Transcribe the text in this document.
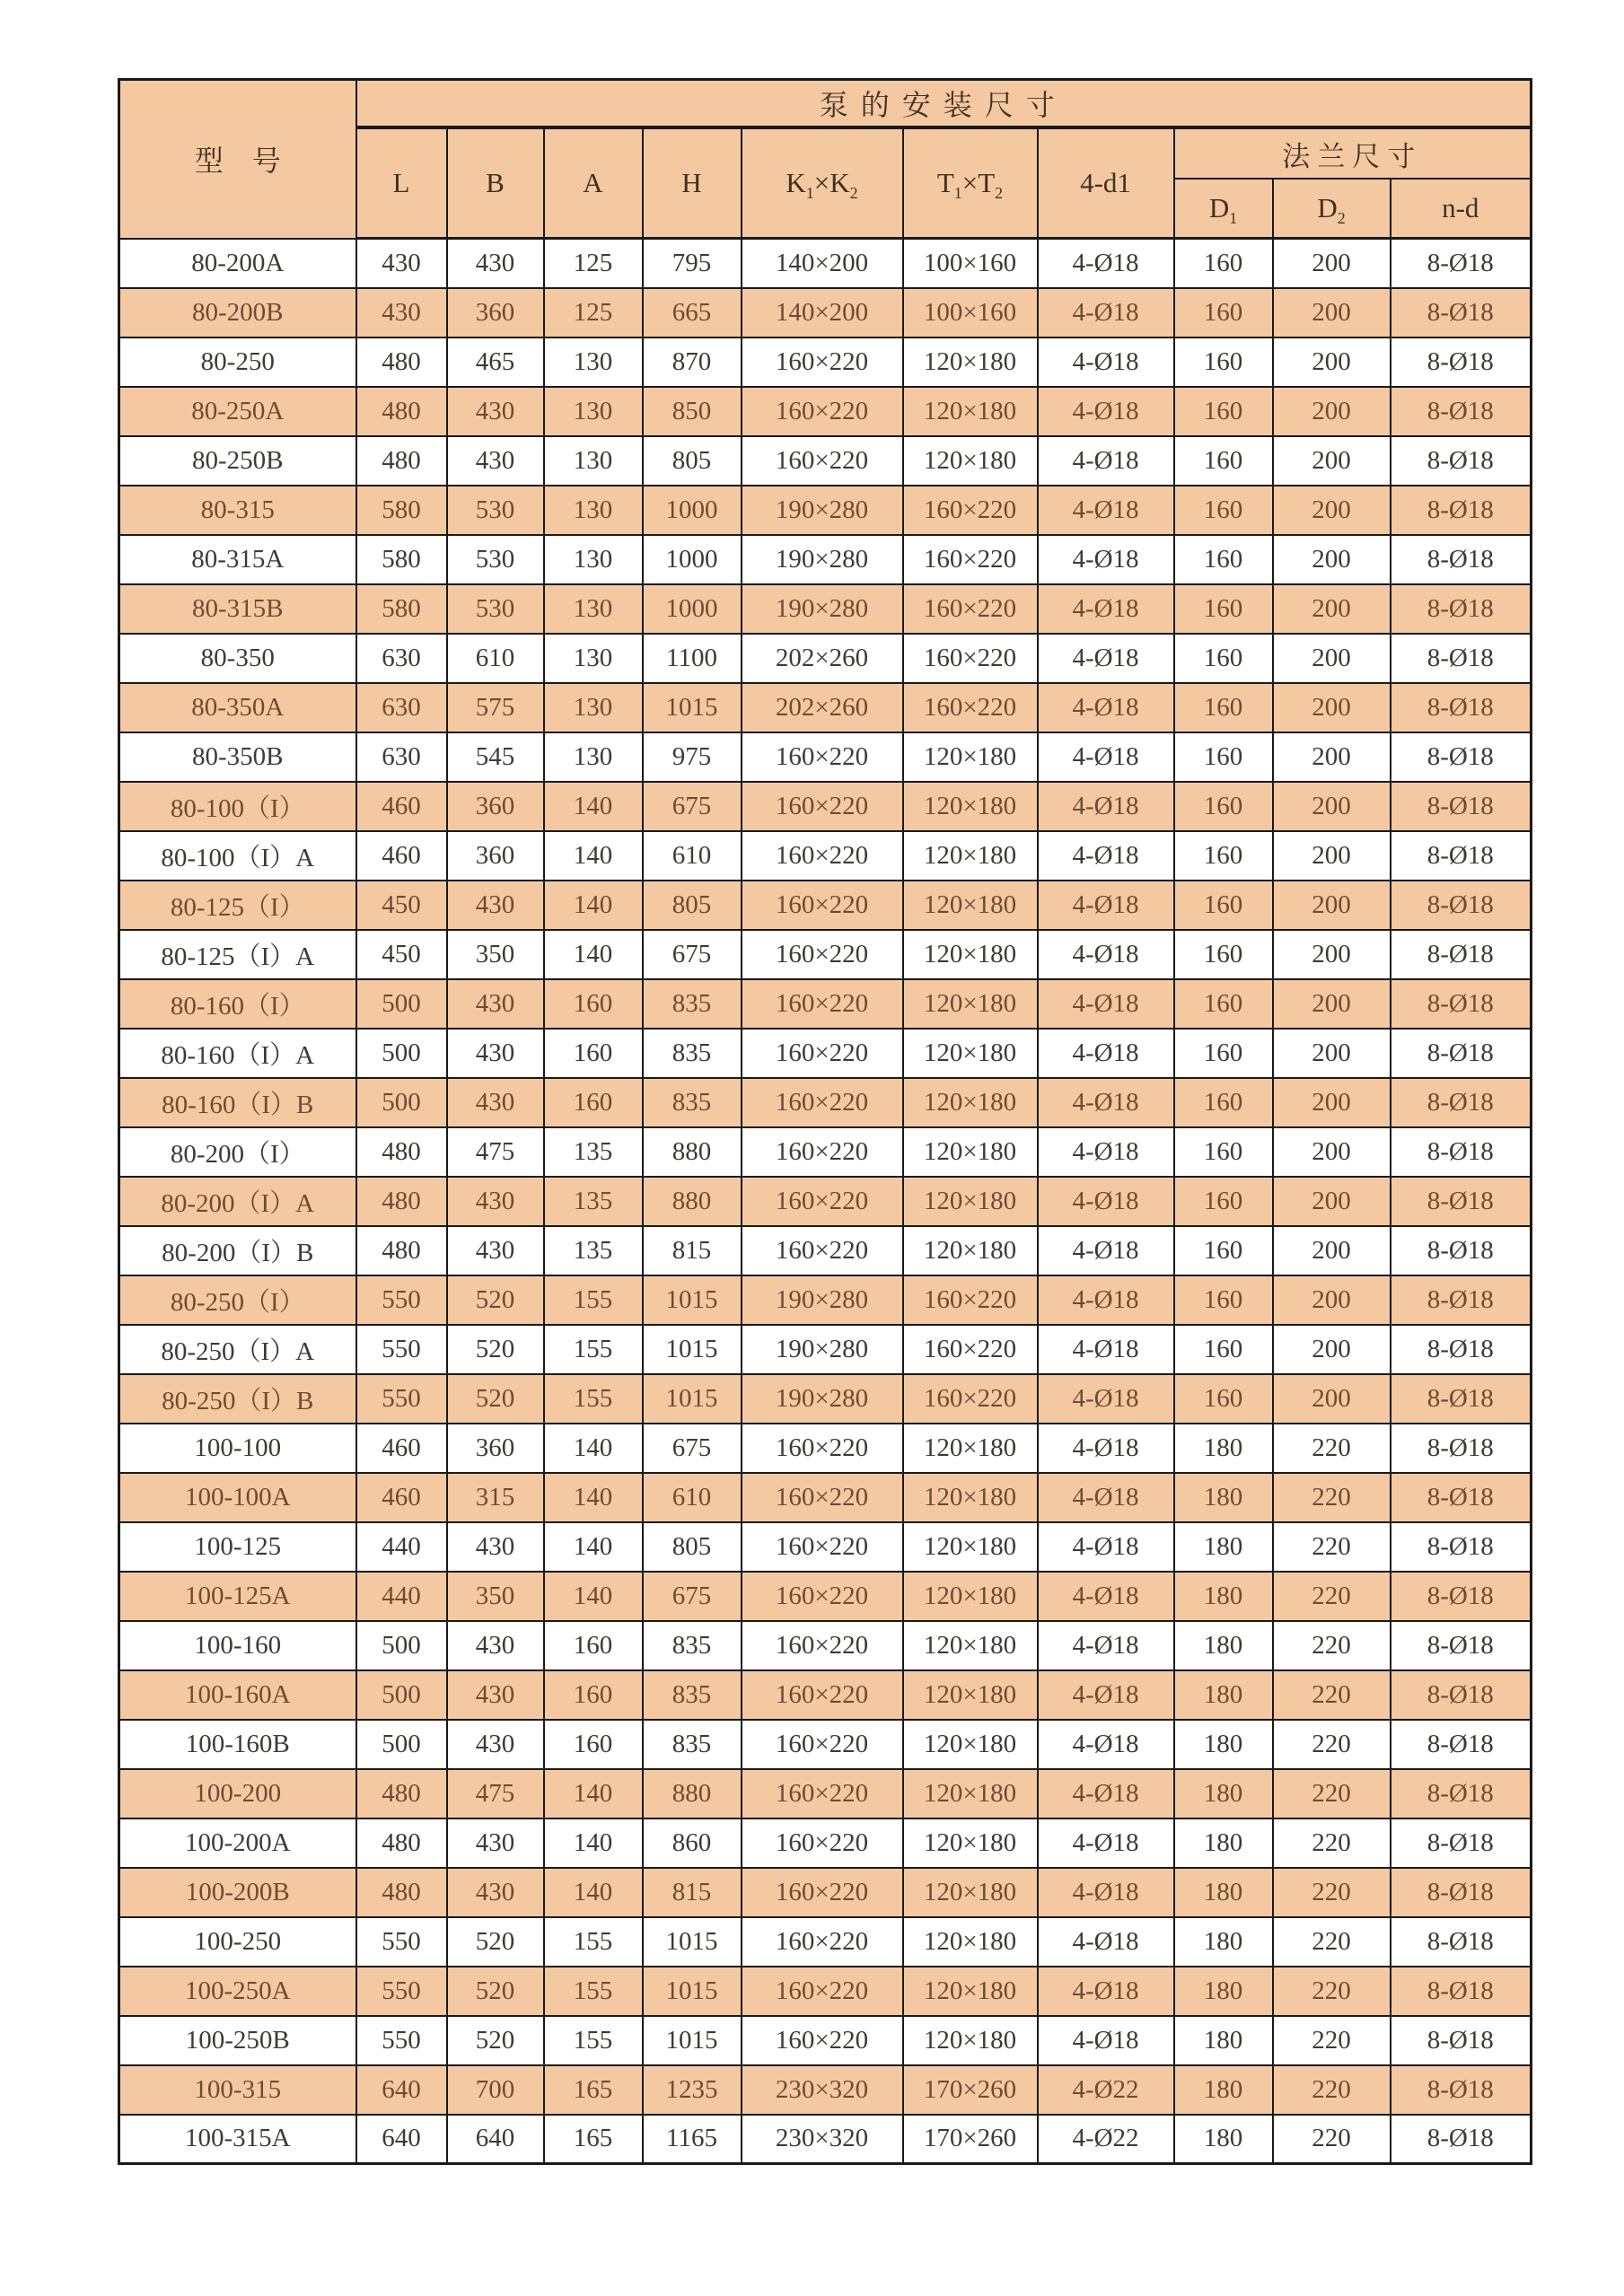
型　号	泵的安装尺寸									
	L	B	A	H	$K_1\times K_2$	$T_1\times T_2$	4-d1	法兰尺寸		
								$D_1$	$D_2$	n-d
80-200A	430	430	125	795	140×200	100×160	4-Ø18	160	200	8-Ø18
80-200B	430	360	125	665	140×200	100×160	4-Ø18	160	200	8-Ø18
80-250	480	465	130	870	160×220	120×180	4-Ø18	160	200	8-Ø18
80-250A	480	430	130	850	160×220	120×180	4-Ø18	160	200	8-Ø18
80-250B	480	430	130	805	160×220	120×180	4-Ø18	160	200	8-Ø18
80-315	580	530	130	1000	190×280	160×220	4-Ø18	160	200	8-Ø18
80-315A	580	530	130	1000	190×280	160×220	4-Ø18	160	200	8-Ø18
80-315B	580	530	130	1000	190×280	160×220	4-Ø18	160	200	8-Ø18
80-350	630	610	130	1100	202×260	160×220	4-Ø18	160	200	8-Ø18
80-350A	630	575	130	1015	202×260	160×220	4-Ø18	160	200	8-Ø18
80-350B	630	545	130	975	160×220	120×180	4-Ø18	160	200	8-Ø18
80-100（I）	460	360	140	675	160×220	120×180	4-Ø18	160	200	8-Ø18
80-100（I）A	460	360	140	610	160×220	120×180	4-Ø18	160	200	8-Ø18
80-125（I）	450	430	140	805	160×220	120×180	4-Ø18	160	200	8-Ø18
80-125（I）A	450	350	140	675	160×220	120×180	4-Ø18	160	200	8-Ø18
80-160（I）	500	430	160	835	160×220	120×180	4-Ø18	160	200	8-Ø18
80-160（I）A	500	430	160	835	160×220	120×180	4-Ø18	160	200	8-Ø18
80-160（I）B	500	430	160	835	160×220	120×180	4-Ø18	160	200	8-Ø18
80-200（I）	480	475	135	880	160×220	120×180	4-Ø18	160	200	8-Ø18
80-200（I）A	480	430	135	880	160×220	120×180	4-Ø18	160	200	8-Ø18
80-200（I）B	480	430	135	815	160×220	120×180	4-Ø18	160	200	8-Ø18
80-250（I）	550	520	155	1015	190×280	160×220	4-Ø18	160	200	8-Ø18
80-250（I）A	550	520	155	1015	190×280	160×220	4-Ø18	160	200	8-Ø18
80-250（I）B	550	520	155	1015	190×280	160×220	4-Ø18	160	200	8-Ø18
100-100	460	360	140	675	160×220	120×180	4-Ø18	180	220	8-Ø18
100-100A	460	315	140	610	160×220	120×180	4-Ø18	180	220	8-Ø18
100-125	440	430	140	805	160×220	120×180	4-Ø18	180	220	8-Ø18
100-125A	440	350	140	675	160×220	120×180	4-Ø18	180	220	8-Ø18
100-160	500	430	160	835	160×220	120×180	4-Ø18	180	220	8-Ø18
100-160A	500	430	160	835	160×220	120×180	4-Ø18	180	220	8-Ø18
100-160B	500	430	160	835	160×220	120×180	4-Ø18	180	220	8-Ø18
100-200	480	475	140	880	160×220	120×180	4-Ø18	180	220	8-Ø18
100-200A	480	430	140	860	160×220	120×180	4-Ø18	180	220	8-Ø18
100-200B	480	430	140	815	160×220	120×180	4-Ø18	180	220	8-Ø18
100-250	550	520	155	1015	160×220	120×180	4-Ø18	180	220	8-Ø18
100-250A	550	520	155	1015	160×220	120×180	4-Ø18	180	220	8-Ø18
100-250B	550	520	155	1015	160×220	120×180	4-Ø18	180	220	8-Ø18
100-315	640	700	165	1235	230×320	170×260	4-Ø22	180	220	8-Ø18
100-315A	640	640	165	1165	230×320	170×260	4-Ø22	180	220	8-Ø18
